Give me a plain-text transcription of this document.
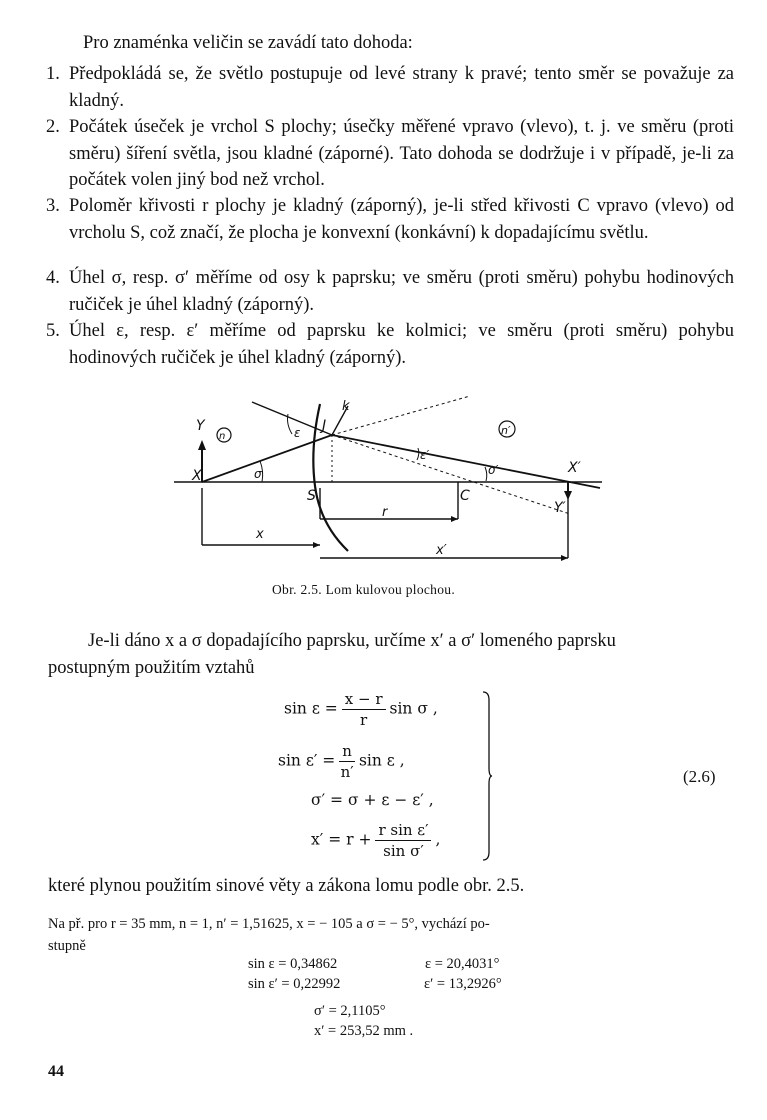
Pro znaménka veličin se zavádí tato dohoda:
1. Předpokládá se, že světlo postupuje od levé strany k pravé; tento směr se považuje za kladný.
2. Počátek úseček je vrchol S plochy; úsečky měřené vpravo (vlevo), t. j. ve směru (proti směru) šíření světla, jsou kladné (záporné). Tato dohoda se dodržuje i v případě, je-li za počátek volen jiný bod než vrchol.
3. Poloměr křivosti r plochy je kladný (záporný), je-li střed křivosti C vpravo (vlevo) od vrcholu S, což značí, že plocha je konvexní (konkávní) k dopadajícímu světlu.
4. Úhel σ, resp. σ′ měříme od osy k paprsku; ve směru (proti směru) pohybu hodinových ručiček je úhel kladný (záporný).
5. Úhel ε, resp. ε′ měříme od paprsku ke kolmici; ve směru (proti směru) pohybu hodinových ručiček je úhel kladný (záporný).
Y
n
X	σ
ε J
k
S	C
r
x
ε′
σ′
n′
X′
Y′
x′
Obr. 2.5. Lom kulovou plochou.
Je-li dáno x a σ dopadajícího paprsku, určíme x′ a σ′ lomeného paprsku
postupným použitím vztahů
$\sin \varepsilon = \frac{x - r}{r}$ sin σ ,
$\sin \varepsilon' = \frac{n}{n'}$ sin ε ,
σ′ = σ + ε − ε′ ,
$x' = r + \frac{\text{r sin ε′}}{\text{sin σ′}}$ ,
(2.6)
které plynou použitím sinové věty a zákona lomu podle obr. 2.5.
Na př. pro r = 35 mm, n = 1, n′ = 1,51625, x = − 105 a σ = − 5°, vychází po-
stupně
sin ε = 0,34862
sin ε′ = 0,22992
ε = 20,4031°
ε′ = 13,2926°
σ′ = 2,1105°
x′ = 253,52 mm .
44
